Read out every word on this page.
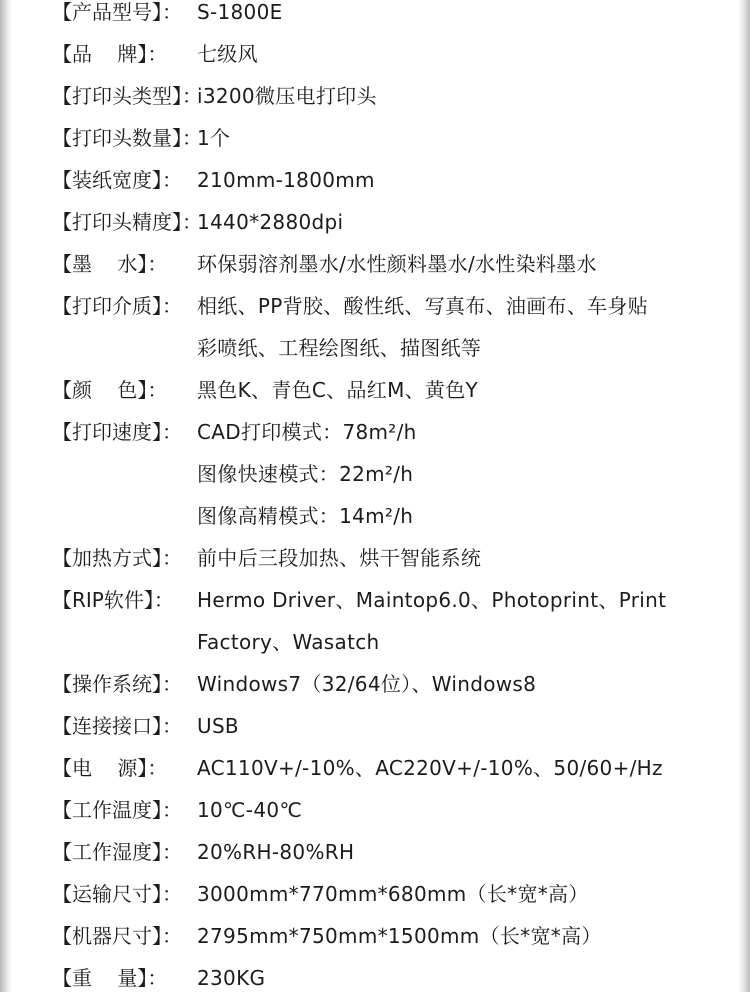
【产品型号】： S-1800E
【品    牌】：	七级风
【打印头类型】：
i3200微压电打印头
【打印头数量】：
1个
【装纸宽度】： 210mm-1800mm
【打印头精度】：
1440*2880dpi
【墨    水】：	环保弱溶剂墨水/水性颜料墨水/水性染料墨水
【打印介质】： 相纸、PP背胶、酸性纸、写真布、油画布、车身贴
彩喷纸、工程绘图纸、描图纸等
【颜    色】：	黑色K、青色C、品红M、黄色Y
【打印速度】： CAD打印模式：78m²/h
图像快速模式：22m²/h
图像高精模式：14m²/h
【加热方式】： 前中后三段加热、烘干智能系统
【RIP软件】：	Hermo Driver、Maintop6.0、Photoprint、Print
Factory、Wasatch
【操作系统】： Windows7（32/64位）、Windows8
【连接接口】： USB
【电    源】：	AC110V+/-10%、AC220V+/-10%、50/60+/Hz
【工作温度】： 10℃-40℃
【工作湿度】： 20%RH-80%RH
【运输尺寸】： 3000mm*770mm*680mm（长*宽*高）
【机器尺寸】： 2795mm*750mm*1500mm（长*宽*高）
【重    量】：	230KG
